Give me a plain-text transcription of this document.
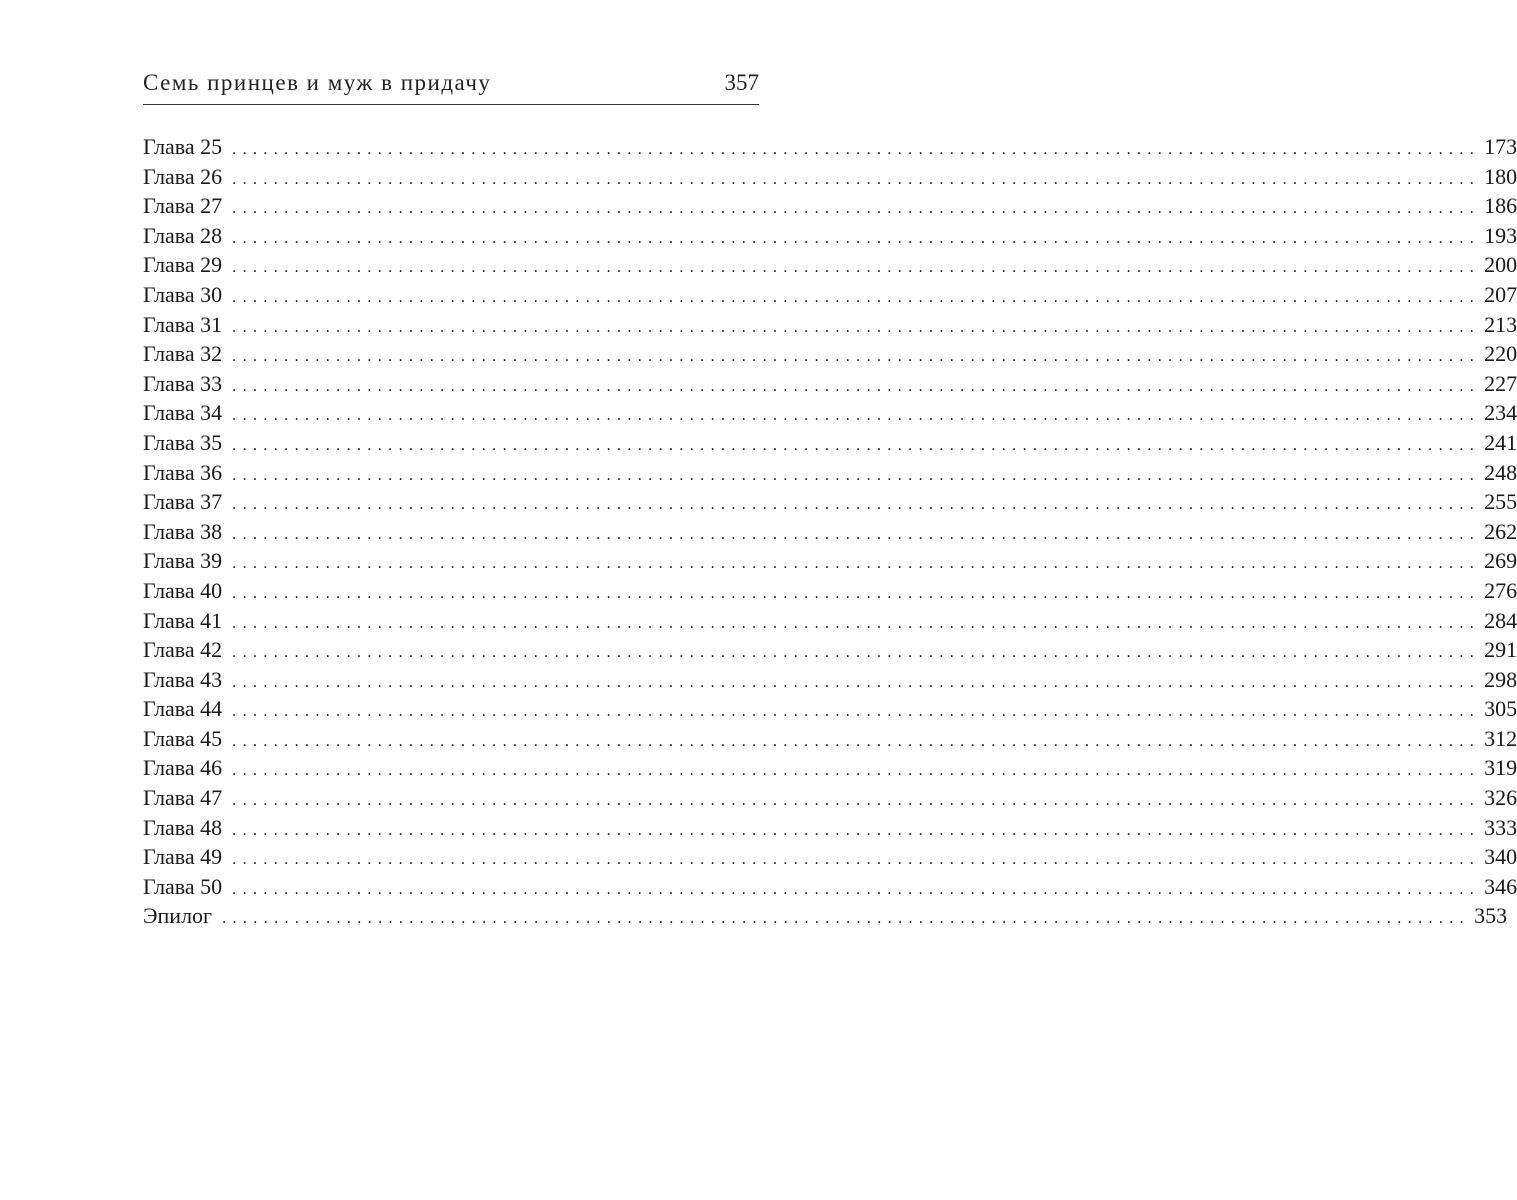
Семь принцев и муж в придачу	357
Глава 25 ........................................................................................................................ 173
Глава 26 ........................................................................................................................ 180
Глава 27 ........................................................................................................................ 186
Глава 28 ........................................................................................................................ 193
Глава 29 ........................................................................................................................ 200
Глава 30 ........................................................................................................................ 207
Глава 31 ........................................................................................................................ 213
Глава 32 ........................................................................................................................ 220
Глава 33 ........................................................................................................................ 227
Глава 34 ........................................................................................................................ 234
Глава 35 ........................................................................................................................ 241
Глава 36 ........................................................................................................................ 248
Глава 37 ........................................................................................................................ 255
Глава 38 ........................................................................................................................ 262
Глава 39 ........................................................................................................................ 269
Глава 40 ........................................................................................................................ 276
Глава 41 ........................................................................................................................ 284
Глава 42 ........................................................................................................................ 291
Глава 43 ........................................................................................................................ 298
Глава 44 ........................................................................................................................ 305
Глава 45 ........................................................................................................................ 312
Глава 46 ........................................................................................................................ 319
Глава 47 ........................................................................................................................ 326
Глава 48 ........................................................................................................................ 333
Глава 49 ........................................................................................................................ 340
Глава 50 ........................................................................................................................ 346
Эпилог ........................................................................................................................ 353
